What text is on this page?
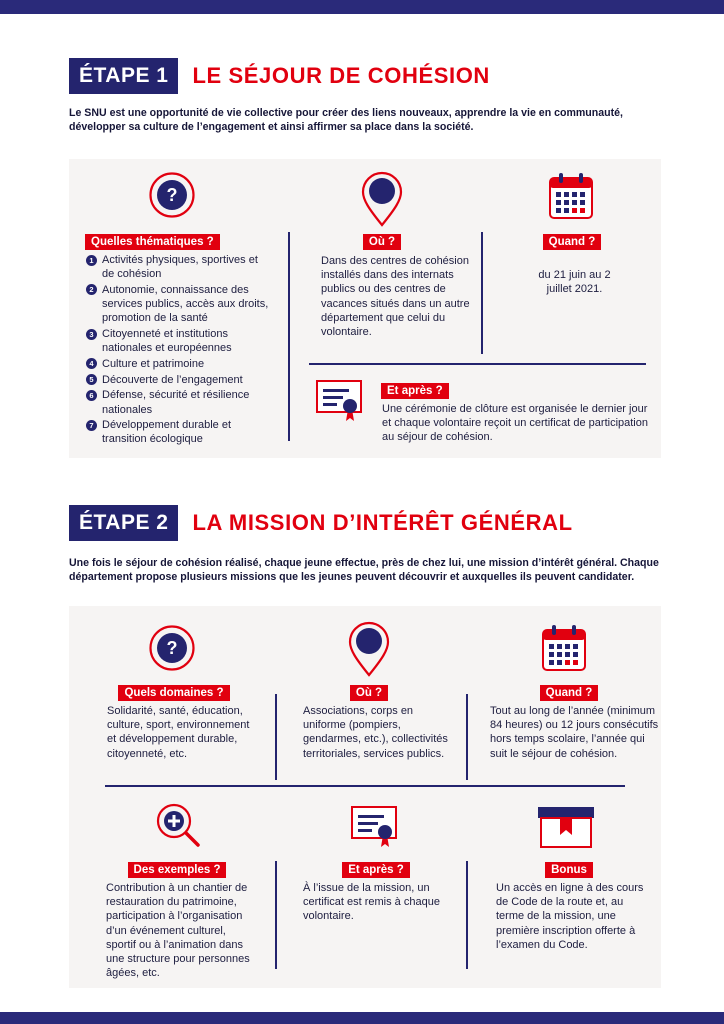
ÉTAPE 1	LE SÉJOUR DE COHÉSION

Le SNU est une opportunité de vie collective pour créer des liens nouveaux, apprendre la vie en communauté, développer sa culture de l’engagement et ainsi affirmer sa place dans la société.

?
Quelles thématiques ?
1 Activités physiques, sportives et de cohésion
2 Autonomie, connaissance des services publics, accès aux droits, promotion de la santé
3 Citoyenneté et institutions nationales et européennes
4 Culture et patrimoine
5 Découverte de l’engagement
6 Défense, sécurité et résilience nationales
7 Développement durable et transition écologique
Où ?

Dans des centres de cohésion installés dans des internats publics ou des centres de vacances situés dans un autre département que celui du volontaire.

Quand ?

du 21 juin au 2 juillet 2021.

Et après ?

Une cérémonie de clôture est organisée le dernier jour et chaque volontaire reçoit un certificat de participation au séjour de cohésion.

ÉTAPE 2	LA MISSION D’INTÉRÊT GÉNÉRAL

Une fois le séjour de cohésion réalisé, chaque jeune effectue, près de chez lui, une mission d’intérêt général. Chaque département propose plusieurs missions que les jeunes peuvent découvrir et auxquelles ils peuvent candidater.

?
Quels domaines ?

Solidarité, santé, éducation, culture, sport, environnement et développement durable, citoyenneté, etc.

Où ?

Associations, corps en uniforme (pompiers, gendarmes, etc.), collectivités territoriales, services publics.

Quand ?

Tout au long de l’année (minimum 84 heures) ou 12 jours consécutifs hors temps scolaire, l’année qui suit le séjour de cohésion.

Des exemples ?

Contribution à un chantier de restauration du patrimoine, participation à l’organisation d’un événement culturel, sportif ou à l’animation dans une structure pour personnes âgées, etc.

Et après ?

À l’issue de la mission, un certificat est remis à chaque volontaire.

Bonus

Un accès en ligne à des cours de Code de la route et, au terme de la mission, une première inscription offerte à l’examen du Code.
